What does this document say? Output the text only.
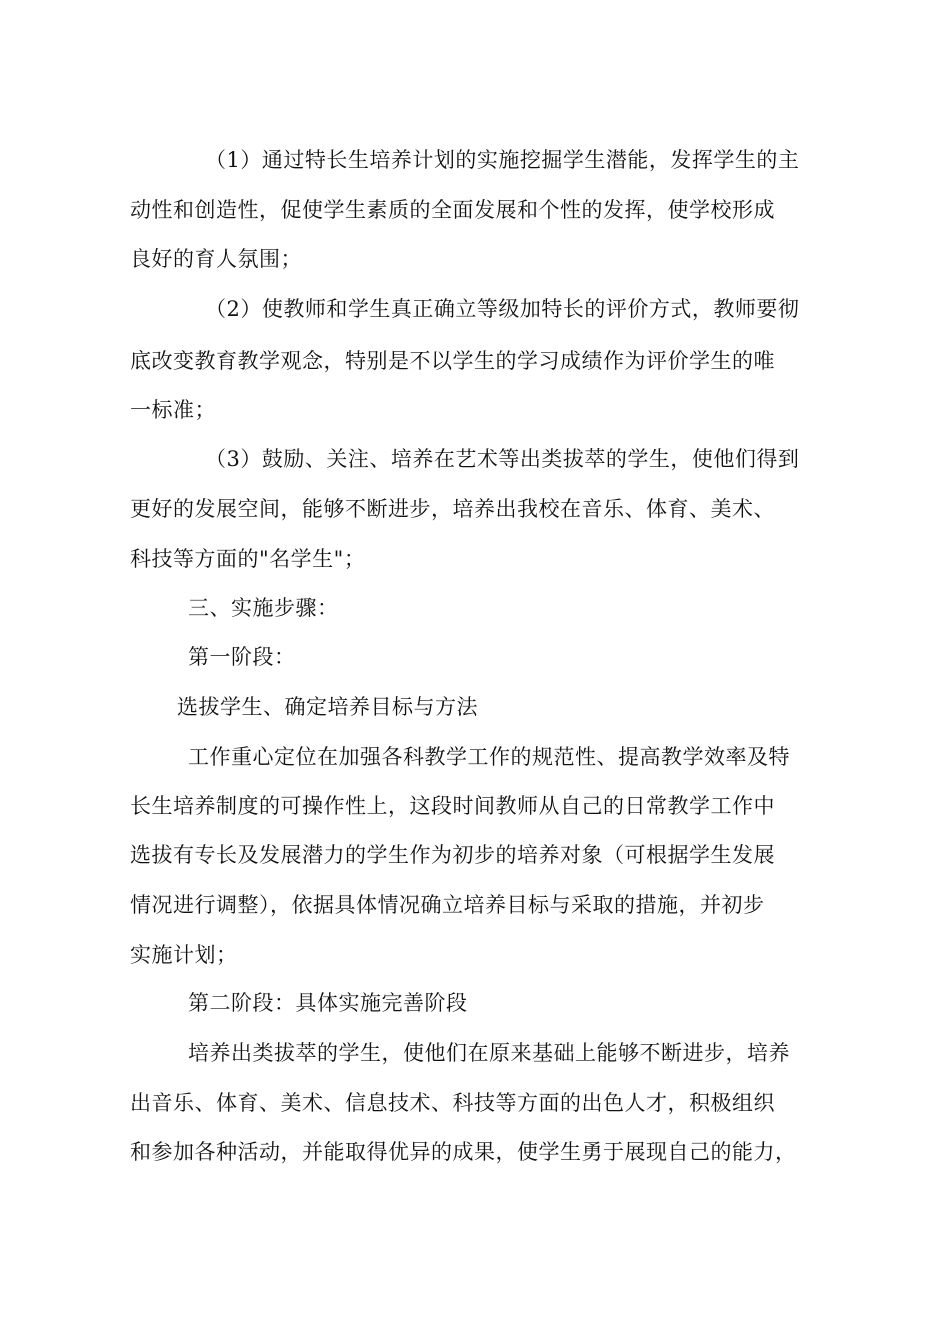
（1）通过特长生培养计划的实施挖掘学生潜能，发挥学生的主
动性和创造性，促使学生素质的全面发展和个性的发挥，使学校形成
良好的育人氛围；
（2）使教师和学生真正确立等级加特长的评价方式，教师要彻
底改变教育教学观念，特别是不以学生的学习成绩作为评价学生的唯
一标准；
（3）鼓励、关注、培养在艺术等出类拔萃的学生，使他们得到
更好的发展空间，能够不断进步，培养出我校在音乐、体育、美术、
科技等方面的"名学生"；
三、实施步骤：
第一阶段：
选拔学生、确定培养目标与方法
工作重心定位在加强各科教学工作的规范性、提高教学效率及特
长生培养制度的可操作性上，这段时间教师从自己的日常教学工作中
选拔有专长及发展潜力的学生作为初步的培养对象（可根据学生发展
情况进行调整），依据具体情况确立培养目标与采取的措施，并初步
实施计划；
第二阶段：具体实施完善阶段
培养出类拔萃的学生，使他们在原来基础上能够不断进步，培养
出音乐、体育、美术、信息技术、科技等方面的出色人才，积极组织
和参加各种活动，并能取得优异的成果，使学生勇于展现自己的能力，
